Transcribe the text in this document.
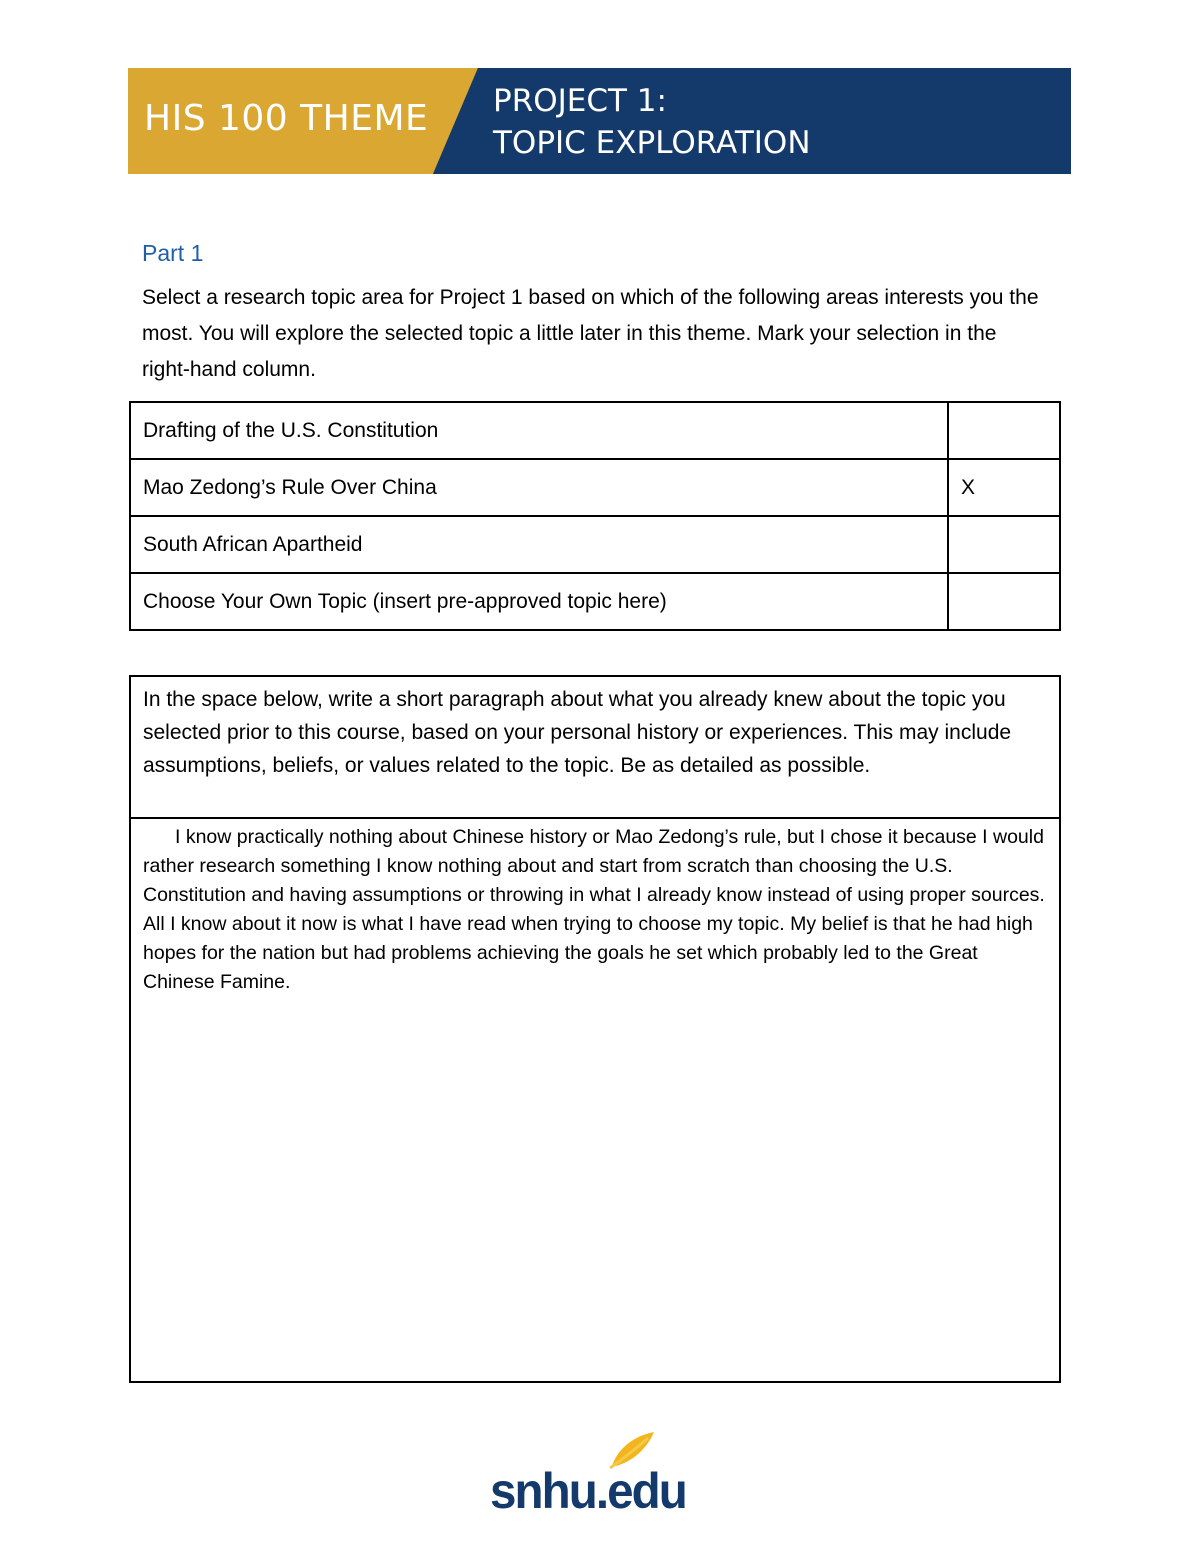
HIS 100 THEME PROJECT 1:
TOPIC EXPLORATION
Part 1

Select a research topic area for Project 1 based on which of the following areas interests you the most. You will explore the selected topic a little later in this theme. Mark your selection in the right-hand column.

Drafting of the U.S. Constitution	
Mao Zedong’s Rule Over China	X
South African Apartheid	
Choose Your Own Topic (insert pre-approved topic here)	
In the space below, write a short paragraph about what you already knew about the topic you selected prior to this course, based on your personal history or experiences. This may include assumptions, beliefs, or values related to the topic. Be as detailed as possible.
I know practically nothing about Chinese history or Mao Zedong’s rule, but I chose it because I would rather research something I know nothing about and start from scratch than choosing the U.S. Constitution and having assumptions or throwing in what I already know instead of using proper sources. All I know about it now is what I have read when trying to choose my topic. My belief is that he had high hopes for the nation but had problems achieving the goals he set which probably led to the Great Chinese Famine.
snhu.edu
